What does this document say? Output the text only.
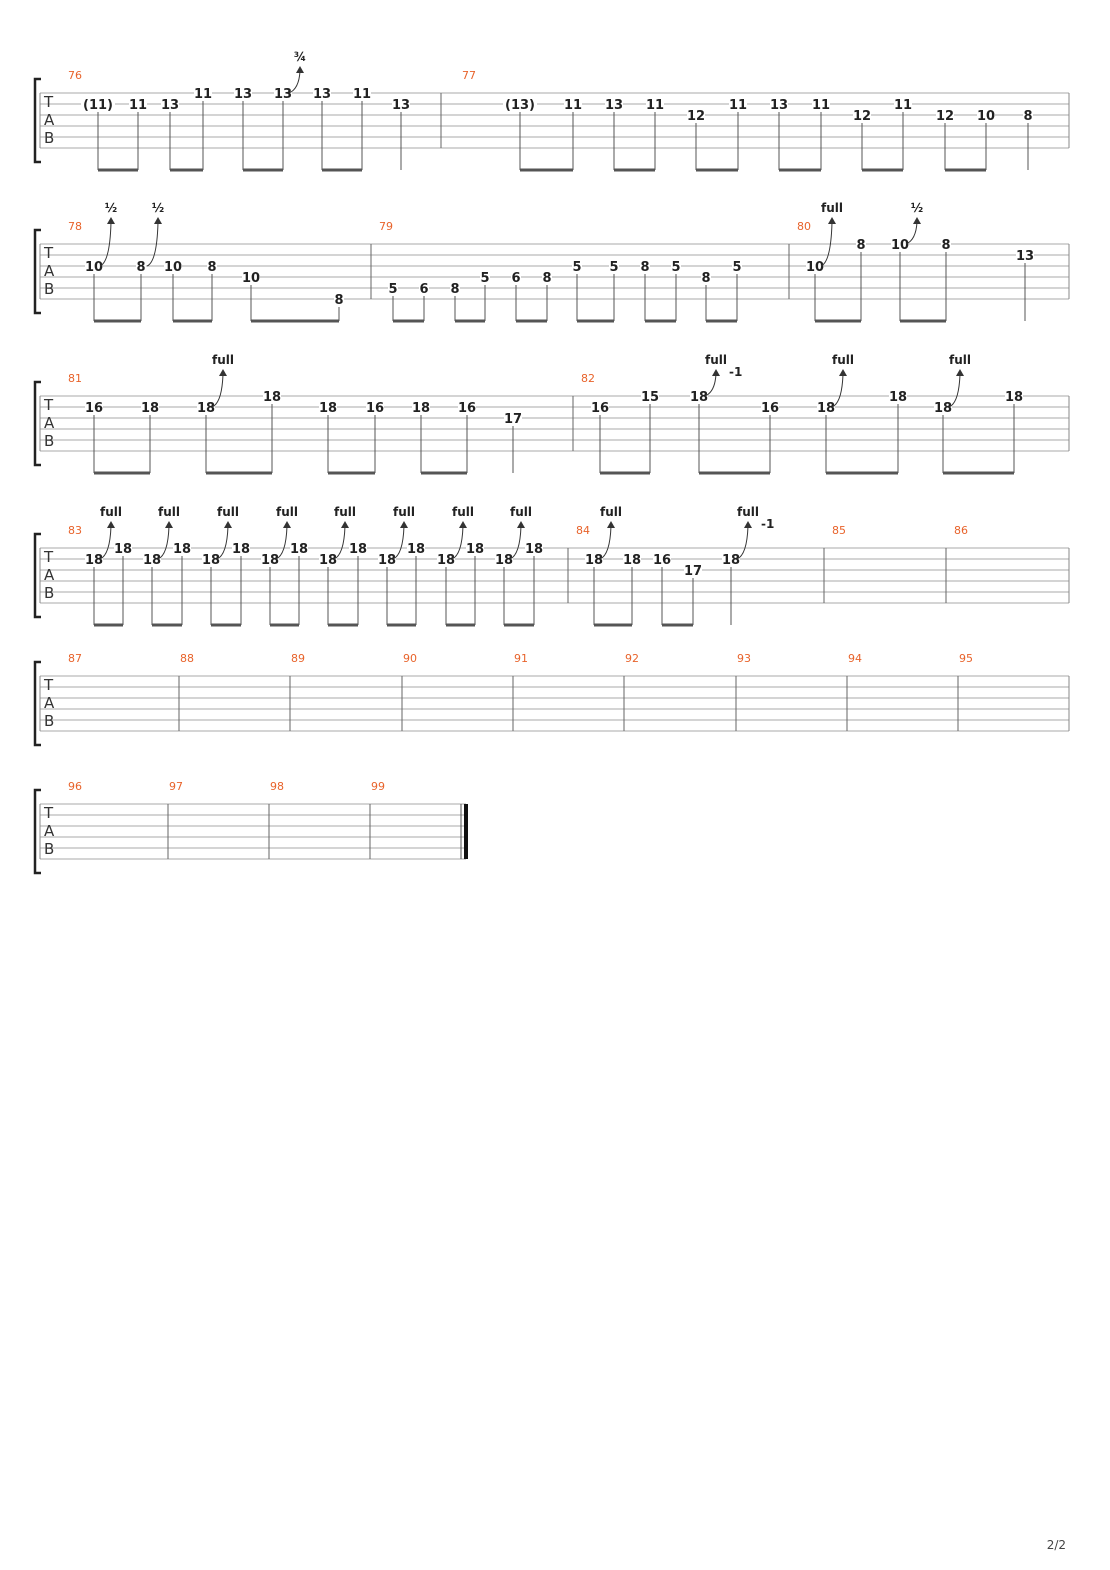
T
A
B
76
(11) 11 13
11 13 13
¾
13 11
13
77
(13) 11 13 11
12
11 13 11
12
11
12 10 8
T
A
B
78
10
½
8
½
10 8
10
8
79
5 6 8
5 6 8
5 5 8 5
8
5
80
10
full
8 10
½
8
13
T
A
B
81
16	18	18
full
18
18 16 18 16
17
82
16
15 18
full
-1
16	18
full
18
18
full
18
T
A
B
83
18
full
18
18
full
18
18
full
18
18
full
18
18
full
18
18
full
18
18
full
18
18
full
18
84
18
full
18 16
17
18
full
-1	85	86
T
A
B
87	88	89	90	91	92	93	94	95
T
A
B
96	97	98	99
2/2
